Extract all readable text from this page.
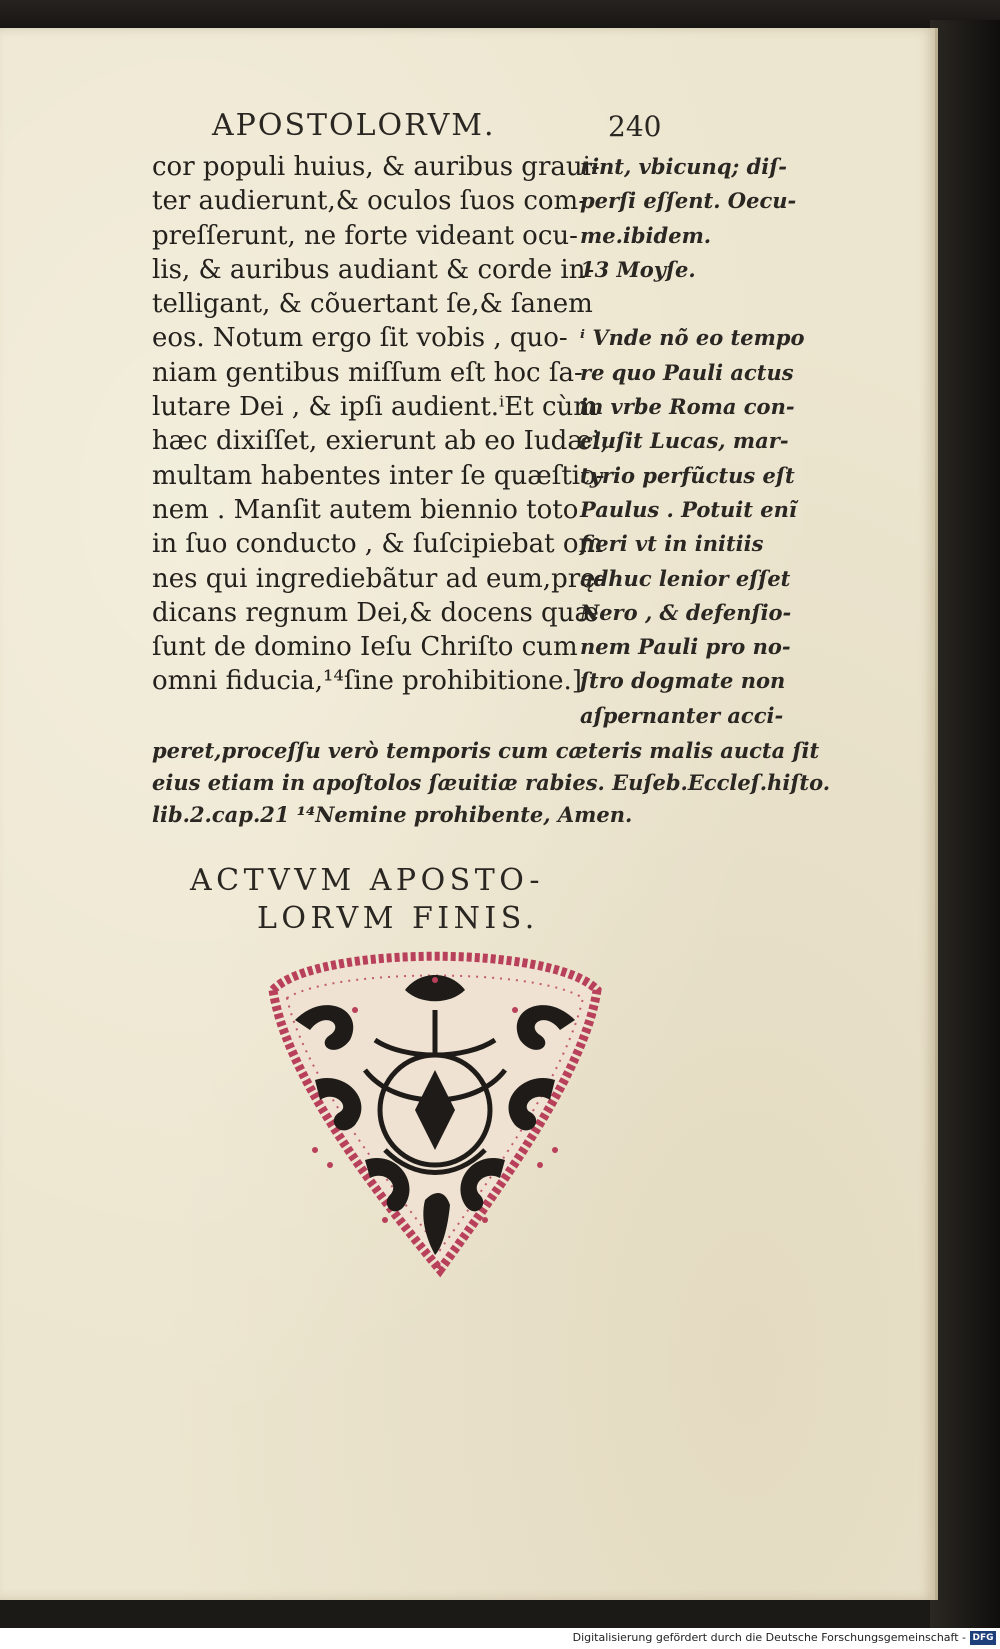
APOSTOLORVM.	240
cor populi huius, & auribus graui-
ter audierunt,& oculos ſuos com-
preſſerunt, ne forte videant ocu-
lis, & auribus audiant & corde in-
telligant, & cõuertant ſe,& ſanem
eos. Notum ergo ſit vobis , quo-
niam gentibus miſſum eſt hoc ſa-
lutare Dei , & ipſi audient.ⁱEt cùm
hæc dixiſſet, exierunt ab eo Iudæi,
multam habentes inter ſe quæſtio-
nem . Manſit autem biennio toto
in ſuo conducto , & ſuſcipiebat om
nes qui ingrediebãtur ad eum,prę-
dicans regnum Dei,& docens quæ
ſunt de domino Ieſu Chriſto cum
omni fiducia,¹⁴ſine prohibitione.]
rint, vbicunq; diſ-
perſi eſſent. Oecu-
me.ibidem.
13 Moyſe.
ⁱ Vnde nõ eo tempo
re quo Pauli actus
in vrbe Roma con-
cluſit Lucas, mar-
tyrio perfũctus eſt
Paulus . Potuit enĩ
fieri vt in initiis
adhuc lenior eſſet
Nero , & defenſio-
nem Pauli pro no-
ſtro dogmate non
aſpernanter acci-
peret,proceſſu verò temporis cum cæteris malis aucta ſit
eius etiam in apoſtolos ſæuitiæ rabies. Euſeb.Eccleſ.hiſto.
lib.2.cap.21 ¹⁴Nemine prohibente, Amen.
ACTVVM APOSTO-
LORVM FINIS.
Digitalisierung gefördert durch die Deutsche Forschungsgemeinschaft - DFG
